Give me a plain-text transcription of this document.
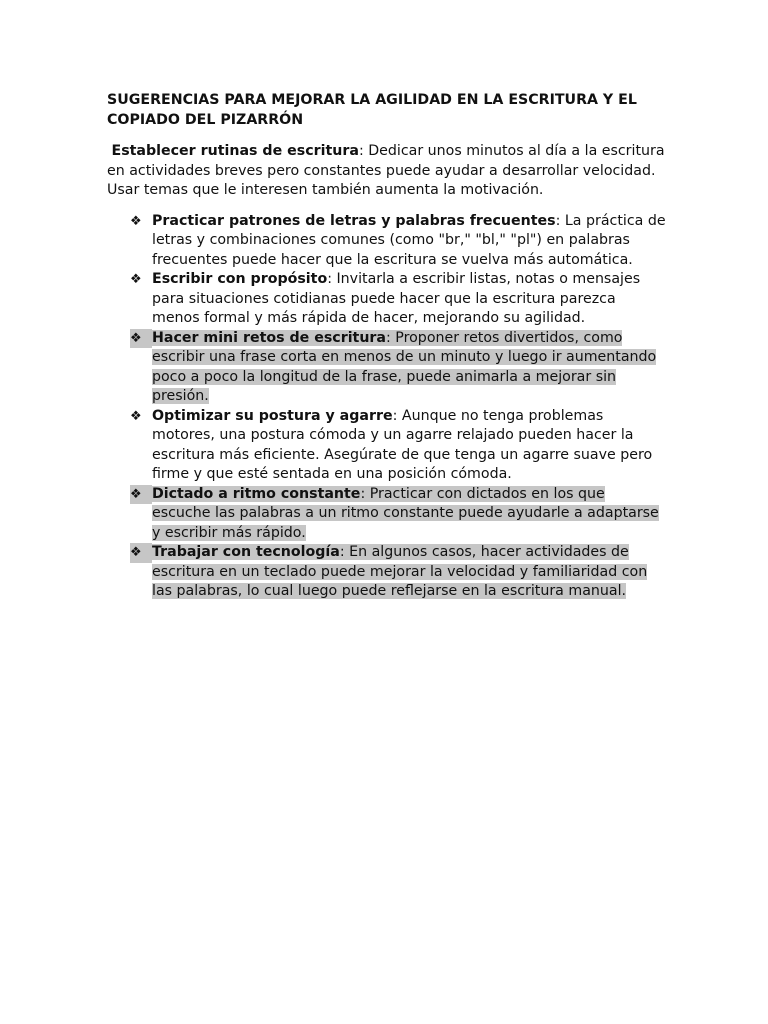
SUGERENCIAS PARA MEJORAR LA AGILIDAD EN LA ESCRITURA Y EL COPIADO DEL PIZARRÓN

Establecer rutinas de escritura: Dedicar unos minutos al día a la escritura en actividades breves pero constantes puede ayudar a desarrollar velocidad. Usar temas que le interesen también aumenta la motivación.

❖ Practicar patrones de letras y palabras frecuentes: La práctica de letras y combinaciones comunes (como "br," "bl," "pl") en palabras frecuentes puede hacer que la escritura se vuelva más automática.
❖ Escribir con propósito: Invitarla a escribir listas, notas o mensajes para situaciones cotidianas puede hacer que la escritura parezca menos formal y más rápida de hacer, mejorando su agilidad.
❖ Hacer mini retos de escritura: Proponer retos divertidos, como escribir una frase corta en menos de un minuto y luego ir aumentando poco a poco la longitud de la frase, puede animarla a mejorar sin presión.
❖ Optimizar su postura y agarre: Aunque no tenga problemas motores, una postura cómoda y un agarre relajado pueden hacer la escritura más eficiente. Asegúrate de que tenga un agarre suave pero firme y que esté sentada en una posición cómoda.
❖ Dictado a ritmo constante: Practicar con dictados en los que escuche las palabras a un ritmo constante puede ayudarle a adaptarse y escribir más rápido.
❖ Trabajar con tecnología: En algunos casos, hacer actividades de escritura en un teclado puede mejorar la velocidad y familiaridad con las palabras, lo cual luego puede reflejarse en la escritura manual.
